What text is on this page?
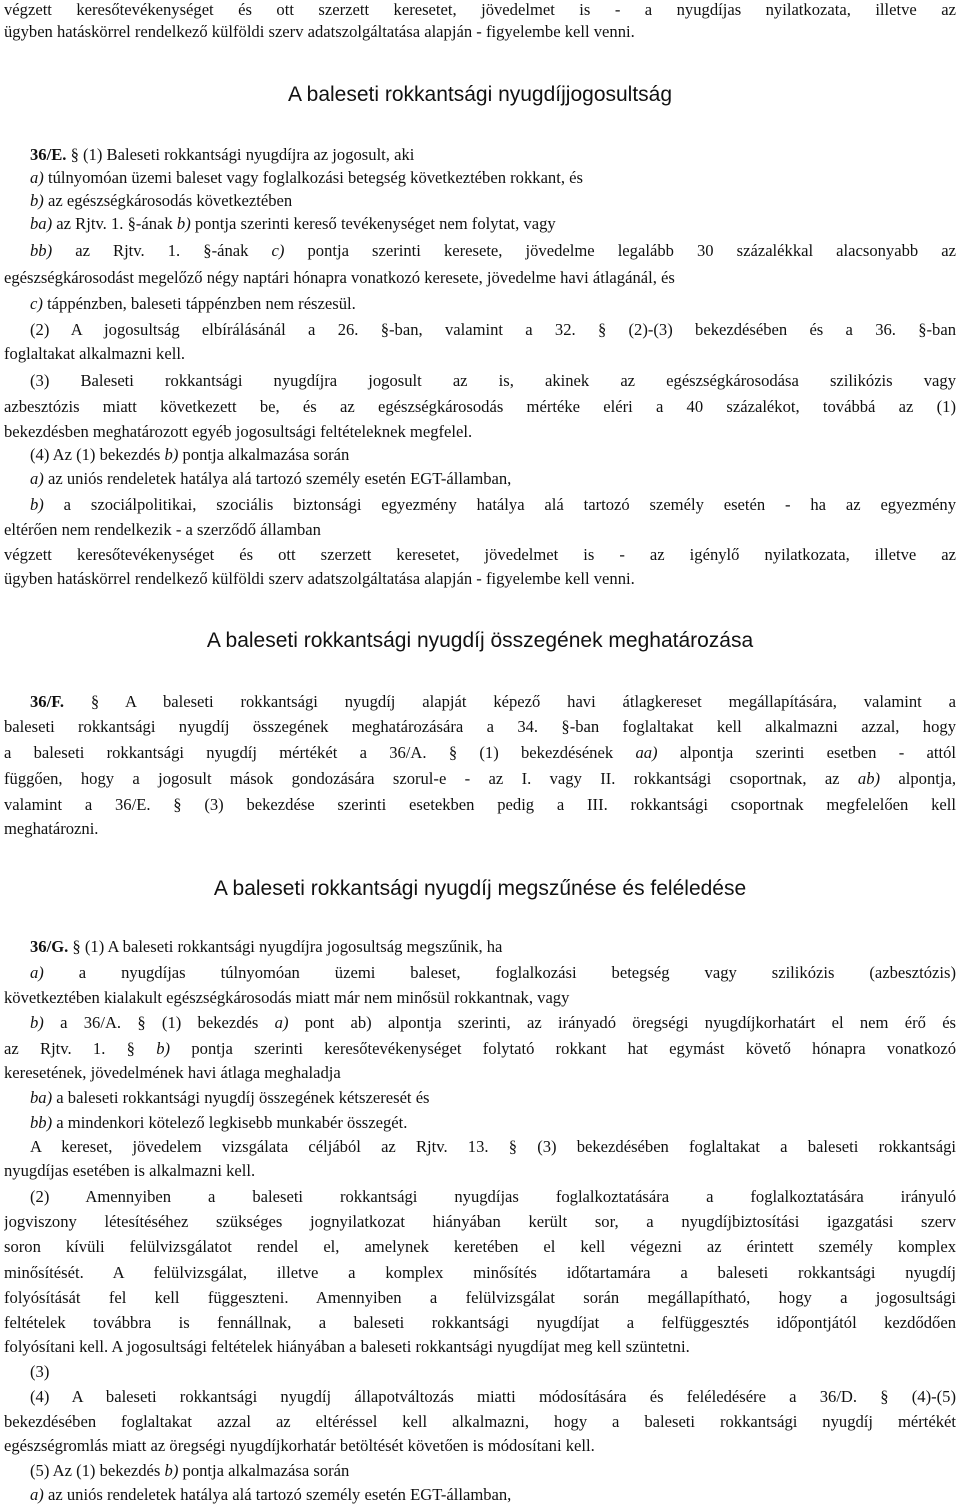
végzett keresőtevékenységet és ott szerzett keresetet, jövedelmet is - a nyugdíjas nyilatkozata, illetve az
ügyben hatáskörrel rendelkező külföldi szerv adatszolgáltatása alapján - figyelembe kell venni.
A baleseti rokkantsági nyugdíjjogosultság
36/E. § (1) Baleseti rokkantsági nyugdíjra az jogosult, aki
a) túlnyomóan üzemi baleset vagy foglalkozási betegség következtében rokkant, és
b) az egészségkárosodás következtében
ba) az Rjtv. 1. §-ának b) pontja szerinti kereső tevékenységet nem folytat, vagy
bb) az Rjtv. 1. §-ának c) pontja szerinti keresete, jövedelme legalább 30 százalékkal alacsonyabb az
egészségkárosodást megelőző négy naptári hónapra vonatkozó keresete, jövedelme havi átlagánál, és
c) táppénzben, baleseti táppénzben nem részesül.
(2) A jogosultság elbírálásánál a 26. §-ban, valamint a 32. § (2)-(3) bekezdésében és a 36. §-ban
foglaltakat alkalmazni kell.
(3) Baleseti rokkantsági nyugdíjra jogosult az is, akinek az egészségkárosodása szilikózis vagy
azbesztózis miatt következett be, és az egészségkárosodás mértéke eléri a 40 százalékot, továbbá az (1)
bekezdésben meghatározott egyéb jogosultsági feltételeknek megfelel.
(4) Az (1) bekezdés b) pontja alkalmazása során
a) az uniós rendeletek hatálya alá tartozó személy esetén EGT-államban,
b) a szociálpolitikai, szociális biztonsági egyezmény hatálya alá tartozó személy esetén - ha az egyezmény
eltérően nem rendelkezik - a szerződő államban
végzett keresőtevékenységet és ott szerzett keresetet, jövedelmet is - az igénylő nyilatkozata, illetve az
ügyben hatáskörrel rendelkező külföldi szerv adatszolgáltatása alapján - figyelembe kell venni.
A baleseti rokkantsági nyugdíj összegének meghatározása
36/F. § A baleseti rokkantsági nyugdíj alapját képező havi átlagkereset megállapítására, valamint a
baleseti rokkantsági nyugdíj összegének meghatározására a 34. §-ban foglaltakat kell alkalmazni azzal, hogy
a baleseti rokkantsági nyugdíj mértékét a 36/A. § (1) bekezdésének aa) alpontja szerinti esetben - attól
függően, hogy a jogosult mások gondozására szorul-e - az I. vagy II. rokkantsági csoportnak, az ab) alpontja,
valamint a 36/E. § (3) bekezdése szerinti esetekben pedig a III. rokkantsági csoportnak megfelelően kell
meghatározni.
A baleseti rokkantsági nyugdíj megszűnése és feléledése
36/G. § (1) A baleseti rokkantsági nyugdíjra jogosultság megszűnik, ha
a) a nyugdíjas túlnyomóan üzemi baleset, foglalkozási betegség vagy szilikózis (azbesztózis)
következtében kialakult egészségkárosodás miatt már nem minősül rokkantnak, vagy
b) a 36/A. § (1) bekezdés a) pont ab) alpontja szerinti, az irányadó öregségi nyugdíjkorhatárt el nem érő és
az Rjtv. 1. § b) pontja szerinti keresőtevékenységet folytató rokkant hat egymást követő hónapra vonatkozó
keresetének, jövedelmének havi átlaga meghaladja
ba) a baleseti rokkantsági nyugdíj összegének kétszeresét és
bb) a mindenkori kötelező legkisebb munkabér összegét.
A kereset, jövedelem vizsgálata céljából az Rjtv. 13. § (3) bekezdésében foglaltakat a baleseti rokkantsági
nyugdíjas esetében is alkalmazni kell.
(2) Amennyiben a baleseti rokkantsági nyugdíjas foglalkoztatására a foglalkoztatására irányuló
jogviszony létesítéséhez szükséges jognyilatkozat hiányában került sor, a nyugdíjbiztosítási igazgatási szerv
soron kívüli felülvizsgálatot rendel el, amelynek keretében el kell végezni az érintett személy komplex
minősítését. A felülvizsgálat, illetve a komplex minősítés időtartamára a baleseti rokkantsági nyugdíj
folyósítását fel kell függeszteni. Amennyiben a felülvizsgálat során megállapítható, hogy a jogosultsági
feltételek továbbra is fennállnak, a baleseti rokkantsági nyugdíjat a felfüggesztés időpontjától kezdődően
folyósítani kell. A jogosultsági feltételek hiányában a baleseti rokkantsági nyugdíjat meg kell szüntetni.
(3)
(4) A baleseti rokkantsági nyugdíj állapotváltozás miatti módosítására és feléledésére a 36/D. § (4)-(5)
bekezdésében foglaltakat azzal az eltéréssel kell alkalmazni, hogy a baleseti rokkantsági nyugdíj mértékét
egészségromlás miatt az öregségi nyugdíjkorhatár betöltését követően is módosítani kell.
(5) Az (1) bekezdés b) pontja alkalmazása során
a) az uniós rendeletek hatálya alá tartozó személy esetén EGT-államban,
